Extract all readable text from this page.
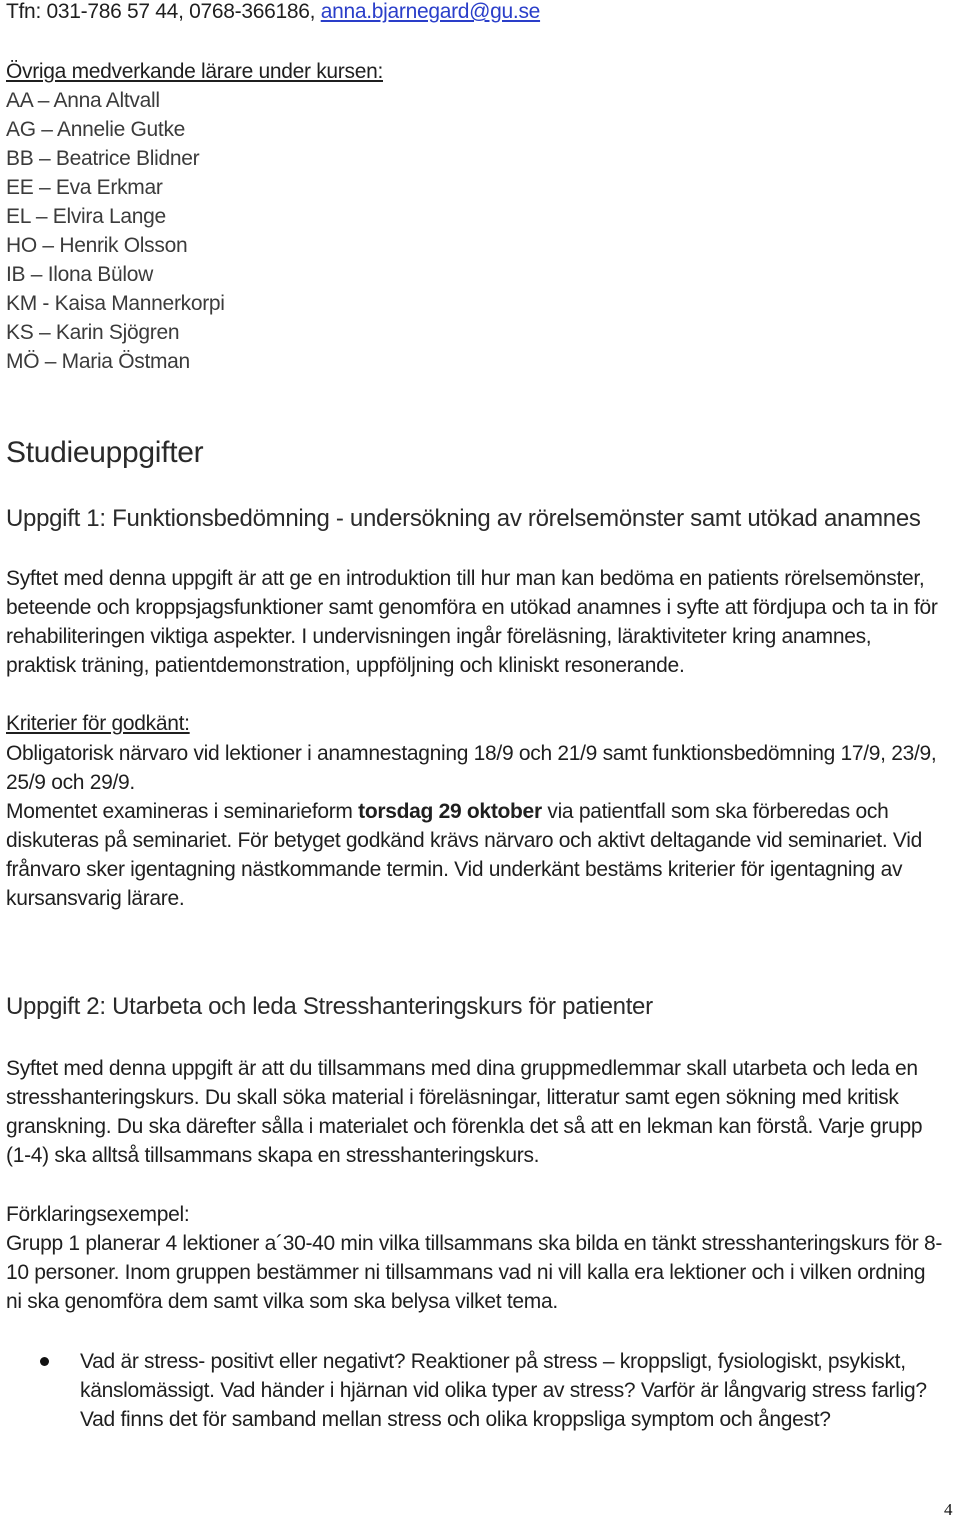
Tfn: 031-786 57 44, 0768-366186, anna.bjarnegard@gu.se
Övriga medverkande lärare under kursen:
AA – Anna Altvall
AG – Annelie Gutke
BB – Beatrice Blidner
EE – Eva Erkmar
EL – Elvira Lange
HO – Henrik Olsson
IB – Ilona Bülow
KM - Kaisa Mannerkorpi
KS – Karin Sjögren
MÖ – Maria Östman
Studieuppgifter
Uppgift 1: Funktionsbedömning - undersökning av rörelsemönster samt utökad anamnes
Syftet med denna uppgift är att ge en introduktion till hur man kan bedöma en patients rörelsemönster,
beteende och kroppsjagsfunktioner samt genomföra en utökad anamnes i syfte att fördjupa och ta in för
rehabiliteringen viktiga aspekter. I undervisningen ingår föreläsning, läraktiviteter kring anamnes,
praktisk träning, patientdemonstration, uppföljning och kliniskt resonerande.
Kriterier för godkänt:
Obligatorisk närvaro vid lektioner i anamnestagning 18/9 och 21/9 samt funktionsbedömning 17/9, 23/9,
25/9 och 29/9.
Momentet examineras i seminarieform torsdag 29 oktober via patientfall som ska förberedas och
diskuteras på seminariet. För betyget godkänd krävs närvaro och aktivt deltagande vid seminariet. Vid
frånvaro sker igentagning nästkommande termin. Vid underkänt bestäms kriterier för igentagning av
kursansvarig lärare.
Uppgift 2: Utarbeta och leda Stresshanteringskurs för patienter
Syftet med denna uppgift är att du tillsammans med dina gruppmedlemmar skall utarbeta och leda en
stresshanteringskurs. Du skall söka material i föreläsningar, litteratur samt egen sökning med kritisk
granskning. Du ska därefter sålla i materialet och förenkla det så att en lekman kan förstå. Varje grupp
(1-4) ska alltså tillsammans skapa en stresshanteringskurs.
Förklaringsexempel:
Grupp 1 planerar 4 lektioner a´30-40 min vilka tillsammans ska bilda en tänkt stresshanteringskurs för 8-
10 personer. Inom gruppen bestämmer ni tillsammans vad ni vill kalla era lektioner och i vilken ordning
ni ska genomföra dem samt vilka som ska belysa vilket tema.
Vad är stress- positivt eller negativt? Reaktioner på stress – kroppsligt, fysiologiskt, psykiskt,
känslomässigt. Vad händer i hjärnan vid olika typer av stress? Varför är långvarig stress farlig?
Vad finns det för samband mellan stress och olika kroppsliga symptom och ångest?
4
